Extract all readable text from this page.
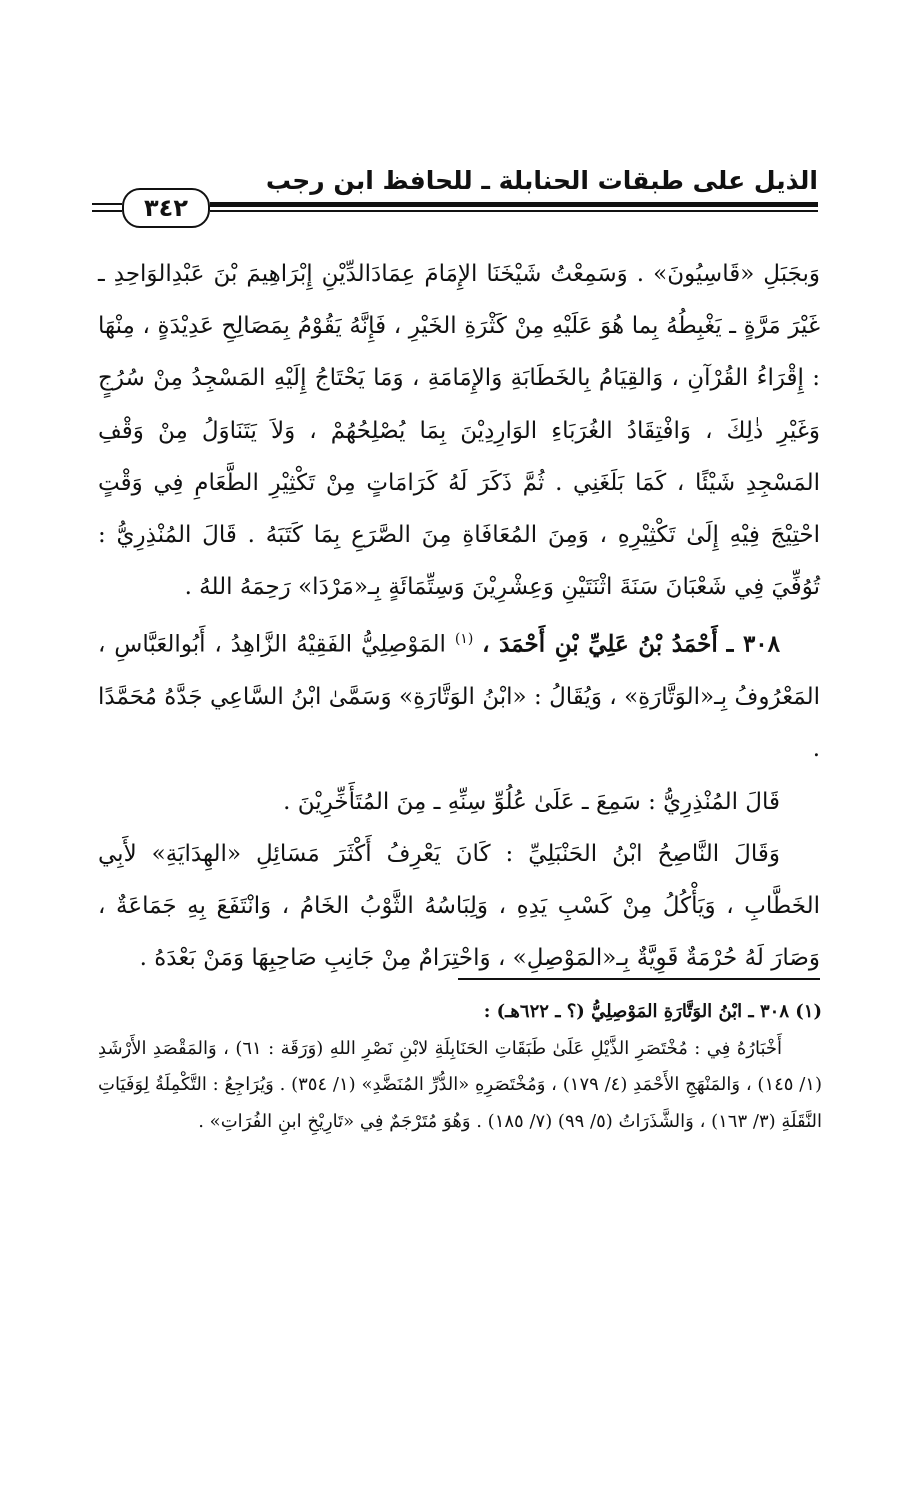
الذيل على طبقات الحنابلة ـ للحافظ ابن رجب
٣٤٢

وَبجَبَلِ «قَاسِيُونَ» . وَسَمِعْتُ شَيْخَنَا الإِمَامَ عِمَادَالدِّيْنِ إِبْرَاهِيمَ بْنَ عَبْدِالوَاحِدِ ـ غَيْرَ مَرَّةٍ ـ يَغْبِطُهُ بِما هُوَ عَلَيْهِ مِنْ كَثْرَةِ الخَيْرِ ، فَإِنَّهُ يَقُوْمُ بِمَصَالِحِ عَدِيْدَةٍ ، مِنْهَا : إِقْرَاءُ القُرْآنِ ، وَالقِيَامُ بِالخَطَابَةِ وَالإِمَامَةِ ، وَمَا يَحْتَاجُ إِلَيْهِ المَسْجِدُ مِنْ سُرُجٍ وَغَيْرِ ذٰلِكَ ، وَافْتِقَادُ الغُرَبَاءِ الوَارِدِيْنَ بِمَا يُصْلِحُهُمْ ، وَلاَ يَتَنَاوَلُ مِنْ وَقْفِ المَسْجِدِ شَيْئًا ، كَمَا بَلَغَنِي . ثُمَّ ذَكَرَ لَهُ كَرَامَاتٍ مِنْ تَكْثِيْرِ الطَّعَامِ فِي وَقْتٍ احْتِيْجَ فِيْهِ إِلَىٰ تَكْثِيْرِهِ ، وَمِنَ المُعَافَاةِ مِنَ الصَّرَعِ بِمَا كَتَبَهُ . قَالَ المُنْذِرِيُّ : تُوُفِّيَ فِي شَعْبَانَ سَنَةَ اثْنَتَيْنِ وَعِشْرِيْنَ وَسِتِّمَائَةٍ بِـ«مَرْدَا» رَحِمَهُ اللهُ .

٣٠٨ ـ أَحْمَدُ بْنُ عَلِيِّ بْنِ أَحْمَدَ ، $^{(١)}$ المَوْصِلِيُّ الفَقِيْهُ الزَّاهِدُ ، أَبُوالعَبَّاسِ ، المَعْرُوفُ بِـ«الوَتَّارَةِ» ، وَيُقَالُ : «ابْنُ الوَتَّارَةِ» وَسَمَّىٰ ابْنُ السَّاعِي جَدَّهُ مُحَمَّدًا .

قَالَ المُنْذِرِيُّ : سَمِعَ ـ عَلَىٰ عُلُوِّ سِنِّهِ ـ مِنَ المُتَأَخِّرِيْنَ .

وَقَالَ النَّاصِحُ ابْنُ الحَنْبَلِيِّ : كَانَ يَعْرِفُ أَكْثَرَ مَسَائِلِ «الهِدَايَةِ» لأَبِي الخَطَّابِ ، وَيَأْكُلُ مِنْ كَسْبِ يَدِهِ ، وَلِبَاسُهُ الثَّوْبُ الخَامُ ، وَانْتَفَعَ بِهِ جَمَاعَةٌ ، وَصَارَ لَهُ حُرْمَةٌ قَوِيَّةٌ بِـ«المَوْصِلِ» ، وَاحْتِرَامٌ مِنْ جَانِبِ صَاحِبِهَا وَمَنْ بَعْدَهُ .

(١) ٣٠٨ ـ ابْنُ الوَتَّارَةِ المَوْصِلِيُّ (؟ ـ ٦٢٢هـ) :

أَخْبَارُهُ فِي : مُخْتَصَرِ الذَّيْلِ عَلَىٰ طَبَقَاتِ الحَنَابِلَةِ لابْنِ نَصْرِ اللهِ (وَرَقَة : ٦١) ، وَالمَقْصَدِ الأَرْشَدِ (١/ ١٤٥) ، وَالمَنْهَجِ الأَحْمَدِ (٤/ ١٧٩) ، وَمُخْتَصَرِهِ «الدُّرِّ المُنَضَّدِ» (١/ ٣٥٤) . وَيُرَاجِعُ : التَّكْمِلَةُ لِوَفَيَاتِ النَّقَلَةِ (٣/ ١٦٣) ، وَالشَّذَرَاتُ (٥/ ٩٩) (٧/ ١٨٥) . وَهُوَ مُتَرْجَمٌ فِي «تَارِيْخِ ابنِ الفُرَاتِ» .
